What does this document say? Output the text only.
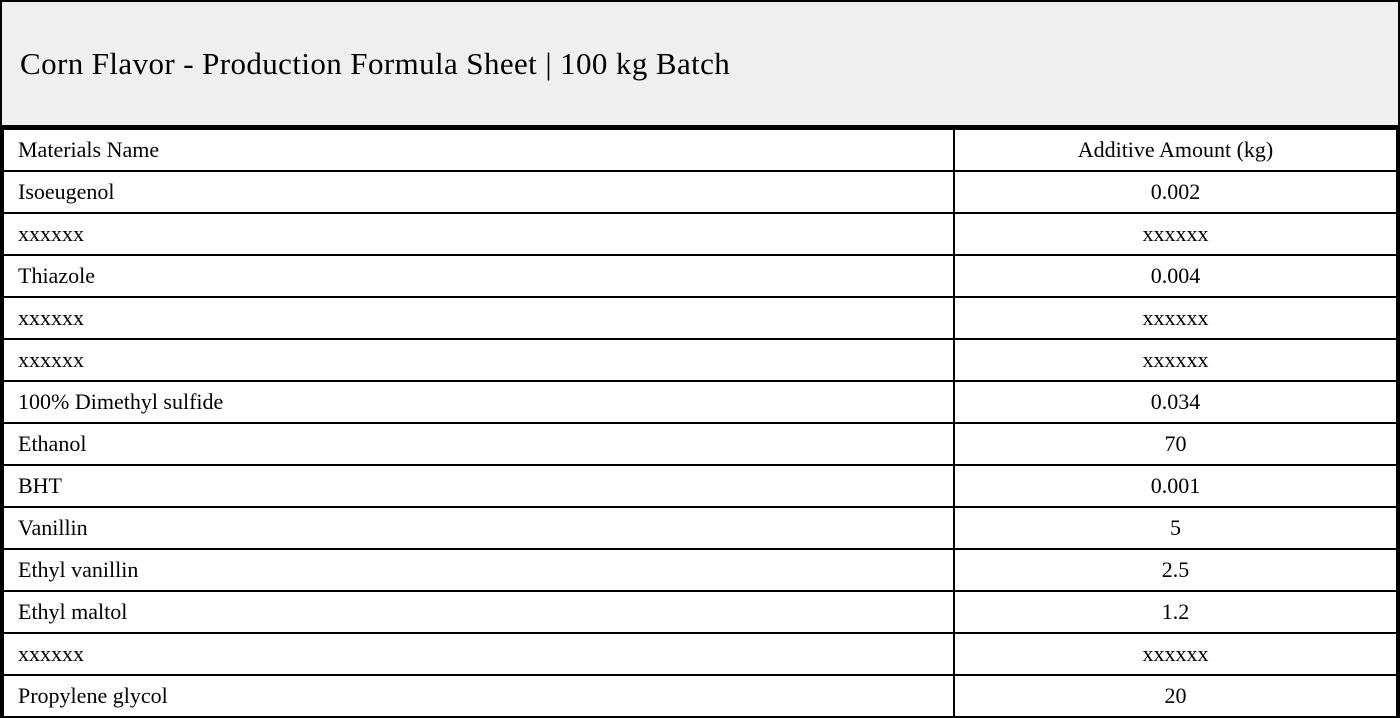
Corn Flavor - Production Formula Sheet | 100 kg Batch
Materials Name	Additive Amount (kg)
Isoeugenol	0.002
xxxxxx	xxxxxx
Thiazole	0.004
xxxxxx	xxxxxx
xxxxxx	xxxxxx
100% Dimethyl sulfide	0.034
Ethanol	70
BHT	0.001
Vanillin	5
Ethyl vanillin	2.5
Ethyl maltol	1.2
xxxxxx	xxxxxx
Propylene glycol	20
